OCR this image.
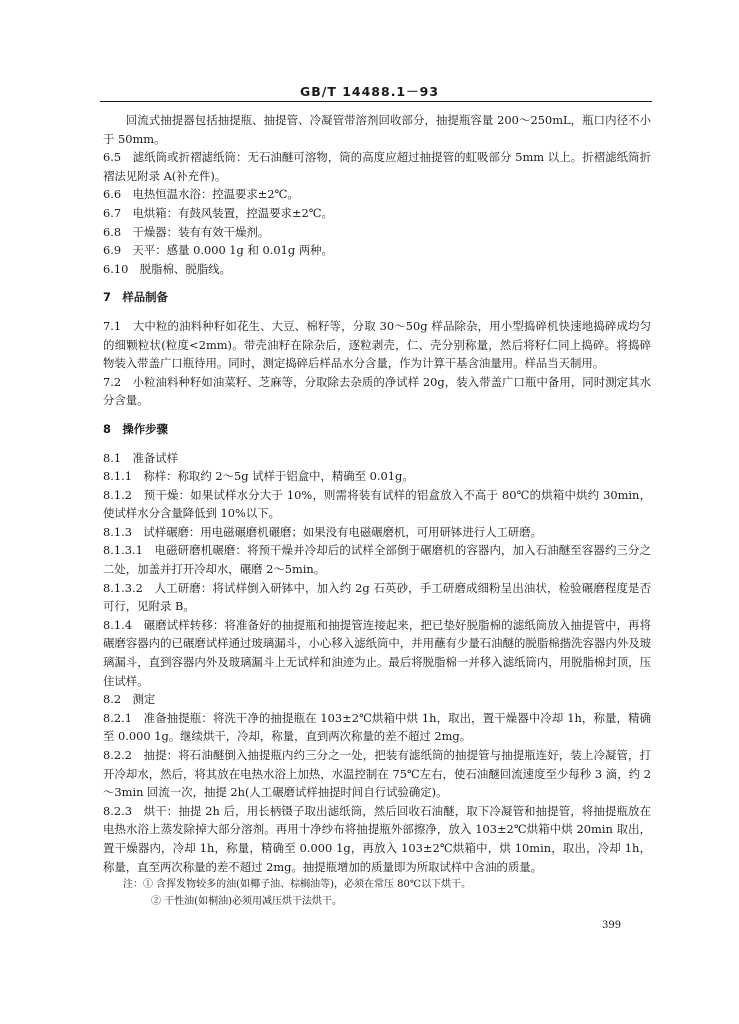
GB/T 14488.1－93

回流式抽提器包括抽提瓶、抽提管、冷凝管带溶剂回收部分，抽提瓶容量 200～250mL，瓶口内径不小于 50mm。

6.5　滤纸筒或折褶滤纸筒：无石油醚可溶物，筒的高度应超过抽提管的虹吸部分 5mm 以上。折褶滤纸筒折褶法见附录 A(补充件)。

6.6　电热恒温水浴：控温要求±2℃。

6.7　电烘箱：有鼓风装置，控温要求±2℃。

6.8　干燥器：装有有效干燥剂。

6.9　天平：感量 0.000 1g 和 0.01g 两种。

6.10　脱脂棉、脱脂线。

7　样品制备

7.1　大中粒的油料种籽如花生、大豆、棉籽等，分取 30～50g 样品除杂，用小型捣碎机快速地捣碎成均匀的细颗粒状(粒度<2mm)。带壳油籽在除杂后，逐粒剥壳，仁、壳分别称量，然后将籽仁同上捣碎。将捣碎物装入带盖广口瓶待用。同时，测定捣碎后样品水分含量，作为计算干基含油量用。样品当天制用。

7.2　小粒油料种籽如油菜籽、芝麻等，分取除去杂质的净试样 20g，装入带盖广口瓶中备用，同时测定其水分含量。

8　操作步骤

8.1　准备试样

8.1.1　称样：称取约 2～5g 试样于铝盒中，精确至 0.01g。

8.1.2　预干燥：如果试样水分大于 10%，则需将装有试样的铝盒放入不高于 80℃的烘箱中烘约 30min，使试样水分含量降低到 10%以下。

8.1.3　试样碾磨：用电磁碾磨机碾磨；如果没有电磁碾磨机，可用研钵进行人工研磨。

8.1.3.1　电磁研磨机碾磨：将预干燥并冷却后的试样全部倒于碾磨机的容器内，加入石油醚至容器约三分之二处，加盖并打开冷却水，碾磨 2～5min。

8.1.3.2　人工研磨：将试样倒入研钵中，加入约 2g 石英砂，手工研磨成细粉呈出油状，检验碾磨程度是否可行，见附录 B。

8.1.4　碾磨试样转移：将准备好的抽提瓶和抽提管连接起来，把已垫好脱脂棉的滤纸筒放入抽提管中，再将碾磨容器内的已碾磨试样通过玻璃漏斗，小心移入滤纸筒中，并用蘸有少量石油醚的脱脂棉揩洗容器内外及玻璃漏斗，直到容器内外及玻璃漏斗上无试样和油迹为止。最后将脱脂棉一并移入滤纸筒内，用脱脂棉封顶，压住试样。

8.2　测定

8.2.1　准备抽提瓶：将洗干净的抽提瓶在 103±2℃烘箱中烘 1h，取出，置干燥器中冷却 1h，称量，精确至 0.000 1g。继续烘干，冷却，称量，直到两次称量的差不超过 2mg。

8.2.2　抽提：将石油醚倒入抽提瓶内约三分之一处，把装有滤纸筒的抽提管与抽提瓶连好，装上冷凝管，打开冷却水，然后，将其放在电热水浴上加热，水温控制在 75℃左右，使石油醚回流速度至少每秒 3 滴，约 2～3min 回流一次，抽提 2h(人工碾磨试样抽提时间自行试验确定)。

8.2.3　烘干：抽提 2h 后，用长柄镊子取出滤纸筒，然后回收石油醚，取下冷凝管和抽提管，将抽提瓶放在电热水浴上蒸发除掉大部分溶剂。再用十净纱布将抽提瓶外部擦净，放入 103±2℃烘箱中烘 20min 取出，置干燥器内，冷却 1h，称量，精确至 0.000 1g，再放入 103±2℃烘箱中，烘 10min，取出，冷却 1h，称量，直至两次称量的差不超过 2mg。抽提瓶增加的质量即为所取试样中含油的质量。

注：① 含挥发物较多的油(如椰子油、棕榈油等)，必须在常压 80℃以下烘干。

② 干性油(如桐油)必须用减压烘干法烘干。

399
